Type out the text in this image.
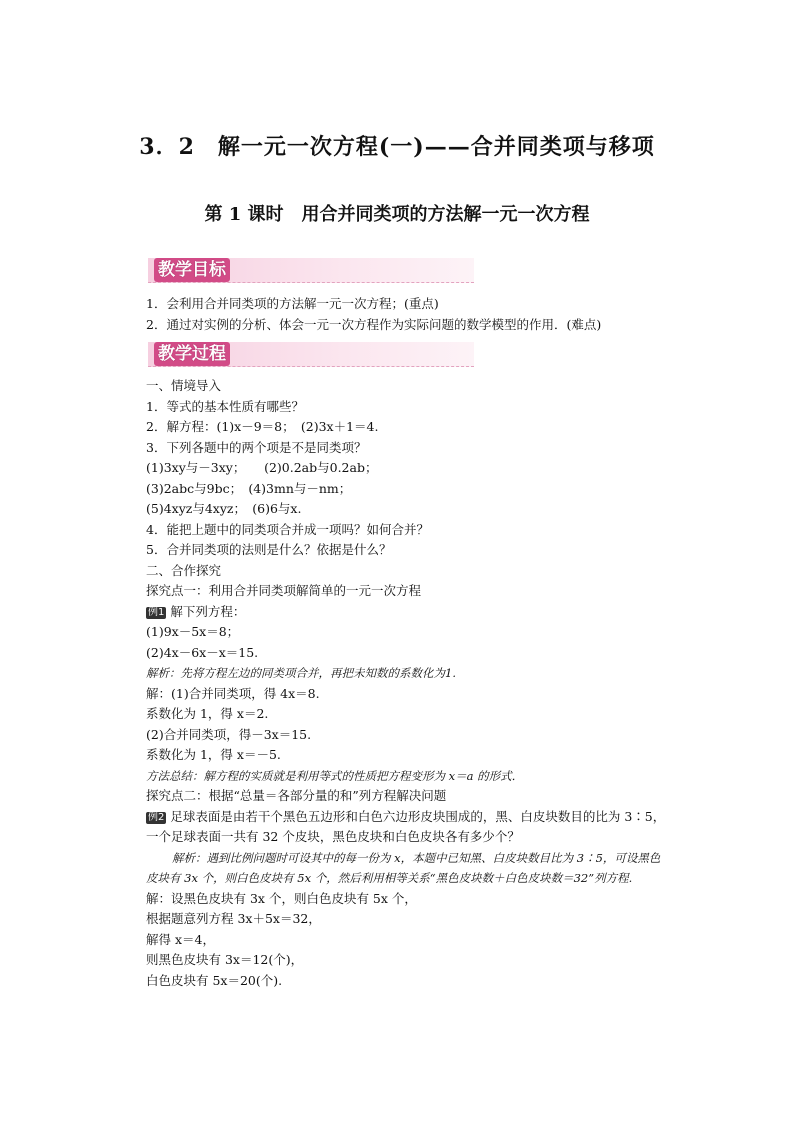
3．2　解一元一次方程(一)——合并同类项与移项
第 1 课时　用合并同类项的方法解一元一次方程
教学目标
1．会利用合并同类项的方法解一元一次方程；(重点)
2．通过对实例的分析、体会一元一次方程作为实际问题的数学模型的作用．(难点)
教学过程
一、情境导入
1．等式的基本性质有哪些？
2．解方程：(1)x－9＝8；　(2)3x＋1＝4.
3．下列各题中的两个项是不是同类项？
(1)3xy与－3xy；　　(2)0.2ab与0.2ab；
(3)2abc与9bc；　(4)3mn与－nm；
(5)4xyz与4xyz；　(6)6与x.
4．能把上题中的同类项合并成一项吗？如何合并？
5．合并同类项的法则是什么？依据是什么？
二、合作探究
探究点一：利用合并同类项解简单的一元一次方程
例1 解下列方程：
(1)9x－5x＝8；
(2)4x－6x－x＝15.
解析：先将方程左边的同类项合并，再把未知数的系数化为1.
解：(1)合并同类项，得 4x＝8.
系数化为 1，得 x＝2.
(2)合并同类项，得－3x＝15.
系数化为 1，得 x＝－5.
方法总结：解方程的实质就是利用等式的性质把方程变形为 x＝a 的形式．
探究点二：根据“总量＝各部分量的和”列方程解决问题
例2 足球表面是由若干个黑色五边形和白色六边形皮块围成的，黑、白皮块数目的比为 3∶5，一个足球表面一共有 32 个皮块，黑色皮块和白色皮块各有多少个？
解析：遇到比例问题时可设其中的每一份为 x，本题中已知黑、白皮块数目比为 3∶5，可设黑色皮块有 3x 个，则白色皮块有 5x 个，然后利用相等关系“黑色皮块数＋白色皮块数＝32”列方程.
解：设黑色皮块有 3x 个，则白色皮块有 5x 个，
根据题意列方程 3x＋5x＝32，
解得 x＝4，
则黑色皮块有 3x＝12(个)，
白色皮块有 5x＝20(个).
